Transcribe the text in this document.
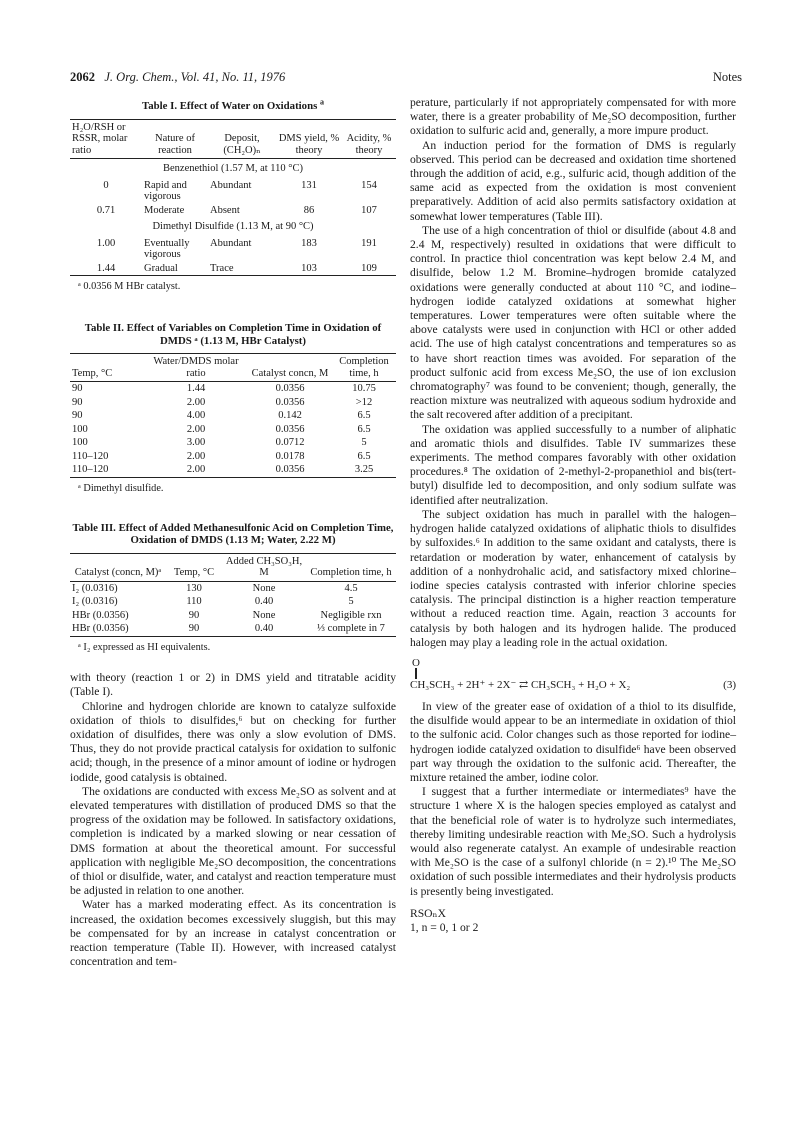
2062 J. Org. Chem., Vol. 41, No. 11, 1976	Notes
Table I. Effect of Water on Oxidations $^a$
H₂O/RSH or RSSR, molar ratio	Nature of reaction	Deposit, (CH₂O)ₙ	DMS yield, % theory	Acidity, % theory
Benzenethiol (1.57 M, at 110 °C)				
0	Rapid and vigorous	Abundant	131	154
0.71	Moderate	Absent	86	107
Dimethyl Disulfide (1.13 M, at 90 °C)				
1.00	Eventually vigorous	Abundant	183	191
1.44	Gradual	Trace	103	109
ᵃ 0.0356 M HBr catalyst.
Table II. Effect of Variables on Completion Time in Oxidation of DMDS ᵃ (1.13 M, HBr Catalyst)
Temp, °C	Water/DMDS molar ratio	Catalyst concn, M	Completion time, h
90	1.44	0.0356	10.75
90	2.00	0.0356	>12
90	4.00	0.142	6.5
100	2.00	0.0356	6.5
100	3.00	0.0712	5
110–120	2.00	0.0178	6.5
110–120	2.00	0.0356	3.25
ᵃ Dimethyl disulfide.
Table III. Effect of Added Methanesulfonic Acid on Completion Time, Oxidation of DMDS (1.13 M; Water, 2.22 M)
Catalyst (concn, M)ᵃ	Temp, °C	Added CH₃SO₃H, M	Completion time, h
I₂ (0.0316)	130	None	4.5
I₂ (0.0316)	110	0.40	5
HBr (0.0356)	90	None	Negligible rxn
HBr (0.0356)	90	0.40	⅓ complete in 7
ᵃ I₂ expressed as HI equivalents.

with theory (reaction 1 or 2) in DMS yield and titratable acidity (Table I).

Chlorine and hydrogen chloride are known to catalyze sulfoxide oxidation of thiols to disulfides,⁶ but on checking for further oxidation of disulfides, there was only a slow evolution of DMS. Thus, they do not provide practical catalysis for oxidation to sulfonic acid; though, in the presence of a minor amount of iodine or hydrogen iodide, good catalysis is obtained.

The oxidations are conducted with excess Me₂SO as solvent and at elevated temperatures with distillation of produced DMS so that the progress of the oxidation may be followed. In satisfactory oxidations, completion is indicated by a marked slowing or near cessation of DMS formation at about the theoretical amount. For successful application with negligible Me₂SO decomposition, the concentrations of thiol or disulfide, water, and catalyst and reaction temperature must be adjusted in relation to one another.

Water has a marked moderating effect. As its concentration is increased, the oxidation becomes excessively sluggish, but this may be compensated for by an increase in catalyst concentration or reaction temperature (Table II). However, with increased catalyst concentration and tem-

perature, particularly if not appropriately compensated for with more water, there is a greater probability of Me₂SO decomposition, further oxidation to sulfuric acid and, generally, a more impure product.

An induction period for the formation of DMS is regularly observed. This period can be decreased and oxidation time shortened through the addition of acid, e.g., sulfuric acid, though addition of the same acid as expected from the oxidation is most convenient preparatively. Addition of acid also permits satisfactory oxidation at somewhat lower temperatures (Table III).

The use of a high concentration of thiol or disulfide (about 4.8 and 2.4 M, respectively) resulted in oxidations that were difficult to control. In practice thiol concentration was kept below 2.4 M, and disulfide, below 1.2 M. Bromine–hydrogen bromide catalyzed oxidations were generally conducted at about 110 °C, and iodine–hydrogen iodide catalyzed oxidations at somewhat higher temperatures. Lower temperatures were often suitable where the above catalysts were used in conjunction with HCl or other added acid. The use of high catalyst concentrations and temperatures so as to have short reaction times was avoided. For separation of the product sulfonic acid from excess Me₂SO, the use of ion exclusion chromatography⁷ was found to be convenient; though, generally, the reaction mixture was neutralized with aqueous sodium hydroxide and the salt recovered after addition of a precipitant.

The oxidation was applied successfully to a number of aliphatic and aromatic thiols and disulfides. Table IV summarizes these experiments. The method compares favorably with other oxidation procedures.⁸ The oxidation of 2-methyl-2-propanethiol and bis(tert-butyl) disulfide led to decomposition, and only sodium sulfate was identified after neutralization.

The subject oxidation has much in parallel with the halogen–hydrogen halide catalyzed oxidations of aliphatic thiols to disulfides by sulfoxides.⁶ In addition to the same oxidant and catalysts, there is retardation or moderation by water, enhancement of catalysis by addition of a nonhydrohalic acid, and satisfactory mixed chlorine–iodine species catalysis contrasted with inferior chlorine species catalysis. The principal distinction is a higher reaction temperature without a reduced reaction time. Again, reaction 3 accounts for catalysis by both halogen and its hydrogen halide. The produced halogen may play a leading role in the actual oxidation.

O
CH₃SCH₃ + 2H⁺ + 2X⁻ ⇄ CH₃SCH₃ + H₂O + X₂	(3)

In view of the greater ease of oxidation of a thiol to its disulfide, the disulfide would appear to be an intermediate in oxidation of thiol to the sulfonic acid. Color changes such as those reported for iodine–hydrogen iodide catalyzed oxidation to disulfide⁶ have been observed part way through the oxidation to the sulfonic acid. Thereafter, the mixture retained the amber, iodine color.

I suggest that a further intermediate or intermediates⁹ have the structure 1 where X is the halogen species employed as catalyst and that the beneficial role of water is to hydrolyze such intermediates, thereby limiting undesirable reaction with Me₂SO. Such a hydrolysis would also regenerate catalyst. An example of undesirable reaction with Me₂SO is the case of a sulfonyl chloride (n = 2).¹⁰ The Me₂SO oxidation of such possible intermediates and their hydrolysis products is presently being investigated.

RSOₙX

1, n = 0, 1 or 2
